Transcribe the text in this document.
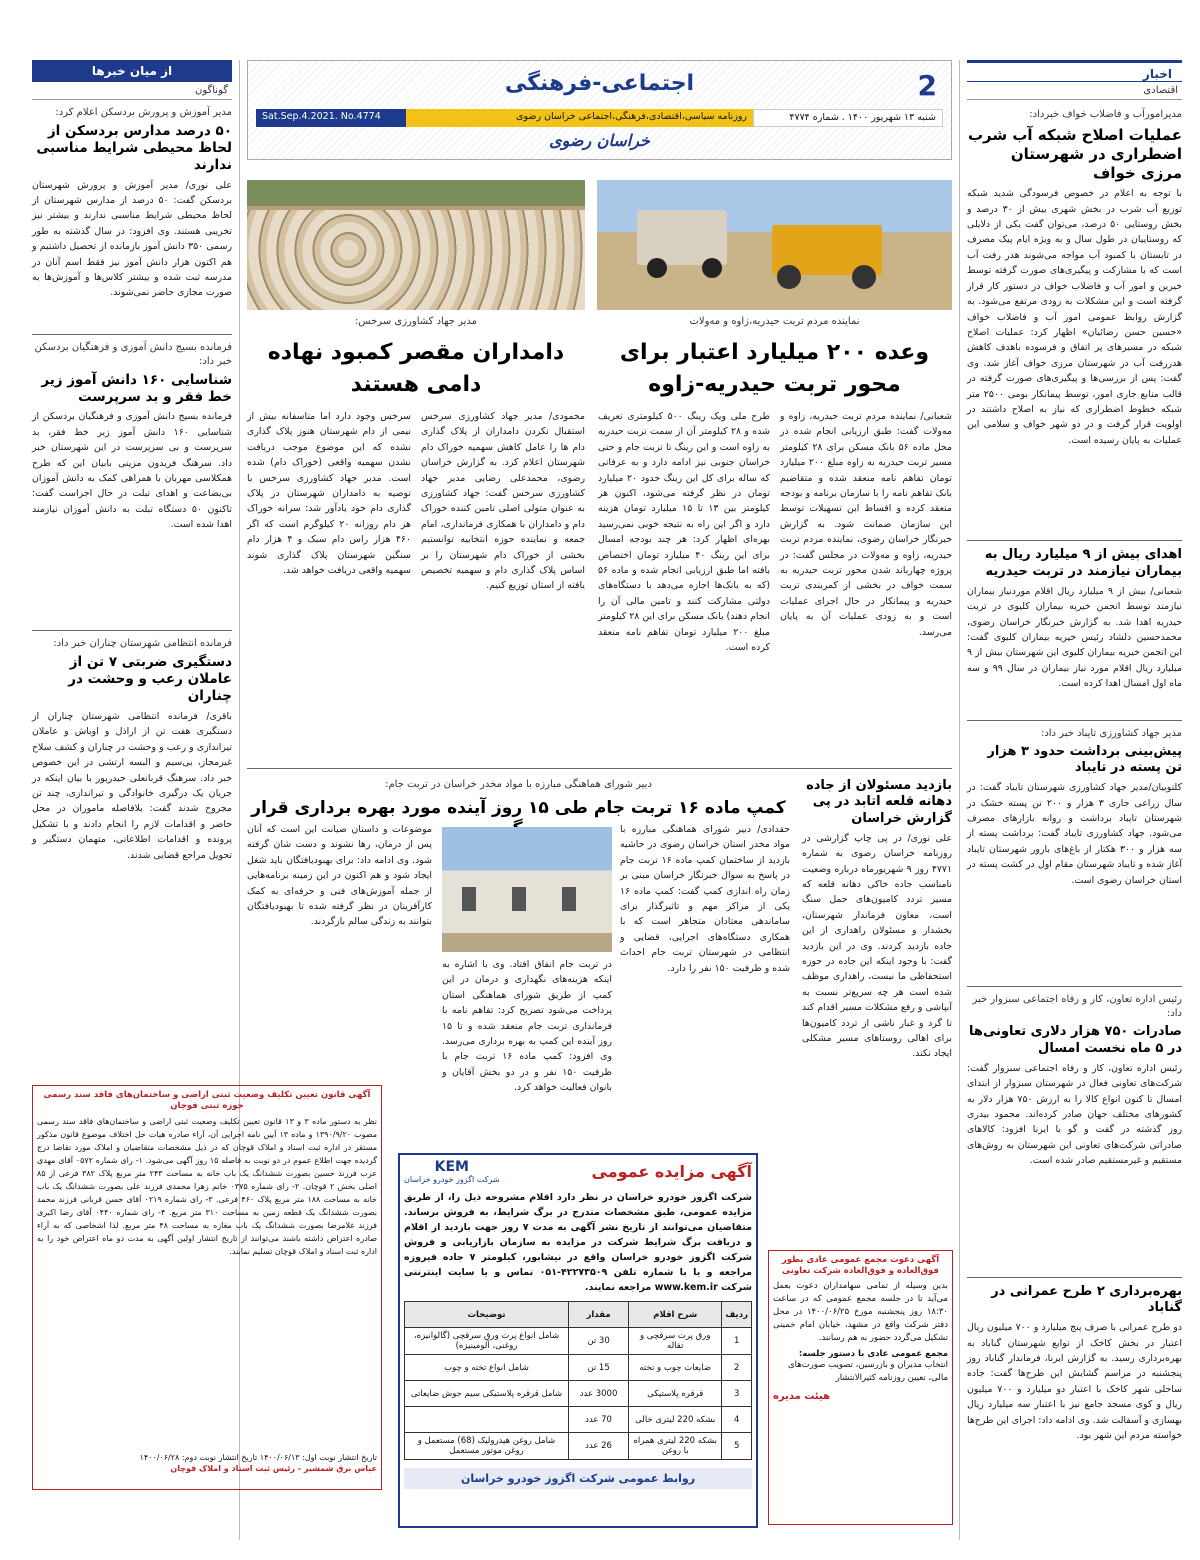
اخبار
اقتصادی
مدیرامورآب و فاضلاب خواف خبرداد:
عملیات اصلاح شبکه آب شرب اضطراری در شهرستان مرزی خواف
با توجه به اعلام در خصوص فرسودگی شدید شبکه توزیع آب شرب در بخش شهری بیش از ۳۰ درصد و بخش روستایی ۵۰ درصد، می‌توان گفت یکی از دلایلی که روستاییان در طول سال و به ویژه ایام پیک مصرف در تابستان با کمبود آب مواجه می‌شوند هدر رفت آب است که با مشارکت و پیگیری‌های صورت گرفته توسط خیرین و امور آب و فاضلاب خواف در دستور کار قرار گرفته است و این مشکلات به زودی مرتفع می‌شود. به گزارش روابط عمومی امور آب و فاضلاب خواف «حسین حسن رضائیان» اظهار کرد: عملیات اصلاح شبکه در مسیرهای پر اتفاق و فرسوده باهدف کاهش هدررفت آب در شهرستان مرزی خواف آغاز شد. وی گفت: پس از بررسی‌ها و پیگیری‌های صورت گرفته در قالب منابع جاری امور، توسط پیمانکار بومی ۲۵۰۰ متر شبکه خطوط اضطراری که نیاز به اصلاح داشتند در اولویت قرار گرفت و در دو شهر خواف و سلامی این عملیات به پایان رسیده است.
اهدای بیش از ۹ میلیارد ریال به بیماران نیازمند در تربت حیدریه
شعبانی/ بیش از ۹ میلیارد ریال اقلام موردنیاز بیماران نیازمند توسط انجمن خیریه بیماران کلیوی در تربت حیدریه اهدا شد. به گزارش خبرنگار خراسان رضوی، محمدحسین دلشاد رئیس خیریه بیماران کلیوی گفت: این انجمن خیریه بیماران کلیوی این شهرستان بیش از ۹ میلیارد ریال اقلام مورد نیاز بیماران در سال ۹۹ و سه ماه اول امسال اهدا کرده است.
مدیر جهاد کشاورزی تایباد خبر داد:
پیش‌بینی برداشت حدود ۳ هزار تن پسته در تایباد
کلتوبیان/مدیر جهاد کشاورزی شهرستان تایباد گفت: در سال زراعی جاری ۳ هزار و ۲۰۰ تن پسته خشک در شهرستان تایباد برداشت و روانه بازارهای مصرف می‌شود. جهاد کشاورزی تایباد گفت: برداشت پسته از سه هزار و ۳۰۰ هکتار از باغ‌های بارور شهرستان تایباد آغاز شده و تایباد شهرستان مقام اول در کشت پسته در استان خراسان رضوی است.
رئیس اداره تعاون، کار و رفاه اجتماعی سبزوار خبر داد:
صادرات ۷۵۰ هزار دلاری تعاونی‌ها در ۵ ماه نخست امسال
رئیس اداره تعاون، کار و رفاه اجتماعی سبزوار گفت: شرکت‌های تعاونی فعال در شهرستان سبزوار از ابتدای امسال تا کنون انواع کالا را به ارزش ۷۵۰ هزار دلار به کشورهای مختلف جهان صادر کرده‌اند. محمود بیدری روز گذشته در گفت و گو با ایرنا افزود: کالاهای صادراتی شرکت‌های تعاونی این شهرستان به روش‌های مستقیم و غیرمستقیم صادر شده است.
بهره‌برداری ۲ طرح عمرانی در گناباد
دو طرح عمرانی با صرف پنج میلیارد و ۷۰۰ میلیون ریال اعتبار در بخش کاخک از توابع شهرستان گناباد به بهره‌برداری رسید. به گزارش ایرنا، فرماندار گناباد روز پنجشنبه در مراسم گشایش این طرح‌ها گفت: جاده ساحلی شهر کاخک با اعتبار دو میلیارد و ۷۰۰ میلیون ریال و کوی مسجد جامع نیز با اعتبار سه میلیارد ریال بهسازی و آسفالت شد. وی ادامه داد: اجرای این طرح‌ها خواسته مردم این شهر بود.
2
اجتماعی-فرهنگی
شنبه ۱۳ شهریور ۱۴۰۰ . شماره ۴۷۷۴
روزنامه سیاسی،اقتصادی،فرهنگی،اجتماعی خراسان رضوی
Sat.Sep.4.2021. No.4774
خراسان رضوی
نماینده مردم تربت حیدریه،زاوه و مه‌ولات
وعده ۲۰۰ میلیارد اعتبار برای محور تربت حیدریه-زاوه
شعبانی/ نماینده مردم تربت حیدریه، زاوه و مه‌ولات گفت: طبق ارزیابی انجام شده در محل ماده ۵۶ بانک مسکن برای ۲۸ کیلومتر مسیر تربت حیدریه به زاوه مبلغ ۲۰۰ میلیارد تومان تفاهم نامه منعقد شده و متقاضیم بانک تفاهم نامه را با سازمان برنامه و بودجه منعقد کرده و اقساط این تسهیلات توسط این سازمان ضمانت شود. به گزارش خبرنگار خراسان رضوی، نماینده مردم تربت حیدریه، زاوه و مه‌ولات در مجلس گفت: در پروژه چهارباند شدن محور تربت حیدریه به سمت خواف در بخشی از کمربندی تربت حیدریه و پیمانکار در حال اجرای عملیات است و به زودی عملیات آن به پایان می‌رسد.
طرح ملی ویک رینگ ۵۰۰ کیلومتری تعریف شده و ۲۸ کیلومتر آن از سمت تربت حیدریه به زاوه است و این رینگ تا تربت جام و حتی خراسان جنوبی نیز ادامه دارد و به عرفانی که ساله برای کل این رینگ حدود ۲۰ میلیارد تومان در نظر گرفته می‌شود، اکنون هر کیلومتر بین ۱۳ تا ۱۵ میلیارد تومان هزینه دارد و اگر این راه به نتیجه خوبی نمی‌رسید بهره‌ای اظهار کرد: هر چند بودجه امسال برای این رینگ ۴۰ میلیارد تومان اختصاص یافته اما طبق ارزیابی انجام شده و ماده ۵۶ (که به بانک‌ها اجازه می‌دهد با دستگاه‌های دولتی مشارکت کنند و تامین مالی آن را انجام دهند) بانک مسکن برای این ۲۸ کیلومتر مبلغ ۲۰۰ میلیارد تومان تفاهم نامه منعقد کرده است.
مدیر جهاد کشاورزی سرخس:
دامداران مقصر کمبود نهاده دامی هستند
محمودی/ مدیر جهاد کشاورزی سرخس استقبال نکردن دامداران از پلاک گذاری دام ها را عامل کاهش سهمیه خوراک دام شهرستان اعلام کرد. به گزارش خراسان رضوی، محمدعلی رضایی مدیر جهاد کشاورزی سرخس گفت: جهاد کشاورزی به عنوان متولی اصلی تامین کننده خوراک دام و دامداران با همکاری فرمانداری، امام جمعه و نماینده حوزه انتخابیه توانستیم بخشی از خوراک دام شهرستان را بر اساس پلاک گذاری دام و سهمیه تخصیص یافته از استان توزیع کنیم.
سرخس وجود دارد اما متاسفانه بیش از نیمی از دام شهرستان هنوز پلاک گذاری نشده که این موضوع موجب دریافت نشدن سهمیه واقعی (خوراک دام) شده است. مدیر جهاد کشاورزی سرخس با توصیه به دامداران شهرستان در پلاک گذاری دام خود یادآور شد: سرانه خوراک هر دام روزانه ۲۰ کیلوگرم است که اگر ۴۶۰ هزار راس دام سبک و ۴ هزار دام سنگین شهرستان پلاک گذاری شوند سهمیه واقعی دریافت خواهد شد.
بازدید مسئولان از جاده دهانه قلعه اتابد در پی گزارش خراسان
علی نوری/ در پی چاپ گزارشی در روزنامه خراسان رضوی به شماره ۴۷۷۱ روز ۹ شهریورماه درباره وضعیت نامناسب جاده خاکی دهانه قلعه که مسیر تردد کامیون‌های حمل سنگ است، معاون فرماندار شهرستان، بخشدار و مسئولان راهداری از این جاده بازدید کردند. وی در این بازدید گفت: با وجود اینکه این جاده در حوزه استحفاظی ما نیست، راهداری موظف شده است هر چه سریع‌تر نسبت به آبپاشی و رفع مشکلات مسیر اقدام کند تا گرد و غبار ناشی از تردد کامیون‌ها برای اهالی روستاهای مسیر مشکلی ایجاد نکند.
دبیر شورای هماهنگی مبارزه با مواد مخدر خراسان در تربت جام:
کمپ ماده ۱۶ تربت جام طی ۱۵ روز آینده مورد بهره برداری قرار
حقدادی/ دبیر شورای هماهنگی مبارزه با مواد مخدر استان خراسان رضوی در حاشیه بازدید از ساختمان کمپ ماده ۱۶ تربت جام در پاسخ به سوال خبرنگار خراسان مبنی بر زمان راه اندازی کمپ گفت: کمپ ماده ۱۶ یکی از مراکز مهم و تاثیرگذار برای ساماندهی معتادان متجاهر است که با همکاری دستگاه‌های اجرایی، قضایی و انتظامی در شهرستان تربت جام احداث شده و ظرفیت ۱۵۰ نفر را دارد.
در تربت جام انفاق افتاد. وی با اشاره به اینکه هزینه‌های نگهداری و درمان در این کمپ از طریق شورای هماهنگی استان پرداخت می‌شود تصریح کرد: تفاهم نامه با فرمانداری تربت جام منعقد شده و تا ۱۵ روز آینده این کمپ به بهره برداری می‌رسد. وی افزود: کمپ ماده ۱۶ تربت جام با ظرفیت ۱۵۰ نفر و در دو بخش آقایان و بانوان فعالیت خواهد کرد.
موضوعات و داستان صیانت این است که آنان پس از درمان، رها نشوند و دست شان گرفته شود. وی ادامه داد: برای بهبودیافتگان باید شغل ایجاد شود و هم اکنون در این زمینه برنامه‌هایی از جمله آموزش‌های فنی و حرفه‌ای به کمک کارآفرینان در نظر گرفته شده تا بهبودیافتگان بتوانند به زندگی سالم بازگردند.
آگهی قانون تعیین تکلیف وضعیت ثبتی اراضی و ساختمان‌های فاقد سند رسمی حوزه ثبتی قوچان
نظر به دستور ماده ۳ و ۱۳ قانون تعیین تکلیف وضعیت ثبتی اراضی و ساختمان‌های فاقد سند رسمی مصوب ۱۳۹۰/۹/۲۰ و ماده ۱۳ آیین نامه اجرایی آن، آراء صادره هیات حل اختلاف موضوع قانون مذکور مستقر در اداره ثبت اسناد و املاک قوچان که در ذیل مشخصات متقاضیان و املاک مورد تقاضا درج گردیده جهت اطلاع عموم در دو نوبت به فاصله ۱۵ روز آگهی می‌شود. ۱- رای شماره ۰۵۷۲ آقای مهدی عرب فرزند حسین بصورت ششدانگ یک باب خانه به مساحت ۲۴۳ متر مربع پلاک ۳۸۲ فرعی از ۸۵ اصلی بخش ۲ قوچان. ۲- رای شماره ۰۳۷۵ خانم زهرا محمدی فرزند علی بصورت ششدانگ یک باب خانه به مساحت ۱۸۸ متر مربع پلاک ۴۶۰ فرعی. ۳- رای شماره ۰۲۱۹ آقای حسن قربانی فرزند محمد بصورت ششدانگ یک قطعه زمین به مساحت ۳۱۰ متر مربع. ۴- رای شماره ۰۴۴۰ آقای رضا اکبری فرزند غلامرضا بصورت ششدانگ یک باب مغازه به مساحت ۴۸ متر مربع. لذا اشخاصی که به آراء صادره اعتراض داشته باشند می‌توانند از تاریخ انتشار اولین آگهی به مدت دو ماه اعتراض خود را به اداره ثبت اسناد و املاک قوچان تسلیم نمایند.
تاریخ انتشار نوبت اول: ۱۴۰۰/۰۶/۱۳ تاریخ انتشار نوبت دوم: ۱۴۰۰/۰۶/۲۸
عباس برق شمشیر - رئیس ثبت اسناد و املاک قوچان
آگهی مزایده عمومی
KEM
شرکت اگزوز خودرو خراسان
شرکت اگزوز خودرو خراسان در نظر دارد اقلام مشروحه ذیل را، از طریق مزایده عمومی، طبق مشخصات مندرج در برگ شرایط، به فروش برساند. متقاضیان می‌توانند از تاریخ نشر آگهی به مدت ۷ روز جهت بازدید از اقلام و دریافت برگ شرایط شرکت در مزایده به سازمان بازاریابی و فروش شرکت اگزوز خودرو خراسان واقع در نیشابور، کیلومتر ۷ جاده فیروزه مراجعه و یا با شماره تلفن ۴۲۲۷۳۵۰۹-۰۵۱ تماس و یا سایت اینترنتی شرکت www.kem.ir مراجعه نمایند.
ردیف	شرح اقلام	مقدار	توضیحات
1	ورق پرت سرقچی و تفاله	30 تن	شامل انواع پرت ورق سرقچی (گالوانیزه، روغنی، آلومینیزه)
2	ضایعات چوب و تخته	15 تن	شامل انواع تخته و چوب
3	قرقره پلاستیکی	3000 عدد	شامل قرقره پلاستیکی سیم جوش ضایعاتی
4	بشکه 220 لیتری خالی	70 عدد	
5	بشکه 220 لیتری همراه با روغن	26 عدد	شامل روغن هیدرولیک (68) مستعمل و روغن موتور مستعمل
روابط عمومی شرکت اگزوز خودرو خراسان
آگهی دعوت مجمع عمومی عادی بطور فوق‌العاده و فوق‌العاده شرکت تعاونی
بدین وسیله از تمامی سهامداران دعوت بعمل می‌آید تا در جلسه مجمع عمومی که در ساعت ۱۸:۳۰ روز پنجشنبه مورخ ۱۴۰۰/۰۶/۲۵ در محل دفتر شرکت واقع در مشهد، خیابان امام خمینی تشکیل می‌گردد حضور به هم رسانند.
مجمع عمومی عادی با دستور جلسه:
انتخاب مدیران و بازرسین، تصویب صورت‌های مالی، تعیین روزنامه کثیرالانتشار
هیئت مدیره
از میان خبرها
گوناگون
مدیر آموزش و پرورش بردسکن اعلام کرد:
۵۰ درصد مدارس بردسکن از لحاظ محیطی شرایط مناسبی ندارند
علی نوری/ مدیر آموزش و پرورش شهرستان بردسکن گفت: ۵۰ درصد از مدارس شهرستان از لحاظ محیطی شرایط مناسبی ندارند و بیشتر نیز تخریبی هستند. وی افزود: در سال گذشته به طور رسمی ۳۵۰ دانش آموز بازمانده از تحصیل داشتیم و هم اکنون هزار دانش آموز نیز فقط اسم آنان در مدرسه ثبت شده و بیشتر کلاس‌ها و آموزش‌ها به صورت مجازی حاضر نمی‌شوند.
فرمانده بسیج دانش آموزی و فرهنگیان بردسکن خبر داد:
شناسایی ۱۶۰ دانش آموز زیر خط فقر و بد سرپرست
فرمانده بسیج دانش آموزی و فرهنگیان بردسکن از شناسایی ۱۶۰ دانش آموز زیر خط فقر، بد سرپرست و بی سرپرست در این شهرستان خبر داد. سرهنگ فریدون مزینی بابیان این که طرح همکلاسی مهربان با همراهی کمک به دانش آموزان بی‌بضاعت و اهدای تبلت در حال اجراست گفت: تاکنون ۵۰ دستگاه تبلت به دانش آموزان نیازمند اهدا شده است.
فرمانده انتظامی شهرستان چناران خبر داد:
دستگیری ضربتی ۷ تن از عاملان رعب و وحشت در چناران
باقری/ فرمانده انتظامی شهرستان چناران از دستگیری هفت تن از اراذل و اوباش و عاملان تیراندازی و رعب و وحشت در چناران و کشف سلاح غیرمجاز، بی‌سیم و البسه ارتشی در این خصوص خبر داد. سرهنگ قربانعلی حیدرپور با بیان اینکه در جریان یک درگیری خانوادگی و تیراندازی، چند تن مجروح شدند گفت: بلافاصله ماموران در محل حاضر و اقدامات لازم را انجام دادند و با تشکیل پرونده و اقدامات اطلاعاتی، متهمان دستگیر و تحویل مراجع قضایی شدند.
